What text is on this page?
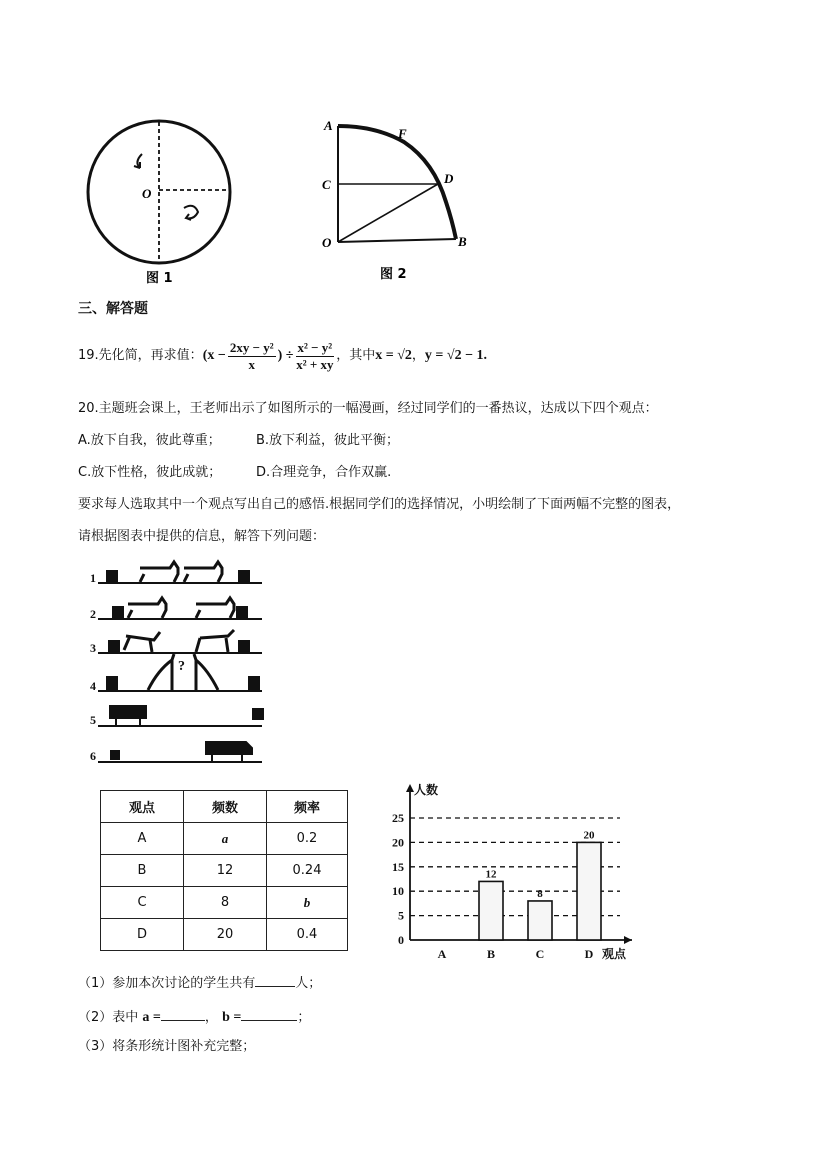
O
图 1
A
F
C	D
O	B
图 2
三、解答题
19.先化简，再求值： ($x - \frac{\text{2xy − y²}}{x}$ ) ÷ $\frac{\text{x² − y²}}{\text{x² + xy}}$ ，其中 x = √2 ， y = √2 − 1.
20.主题班会课上，王老师出示了如图所示的一幅漫画，经过同学们的一番热议，达成以下四个观点：
A.放下自我，彼此尊重；	B.放下利益，彼此平衡；
C.放下性格，彼此成就；	D.合理竞争，合作双赢.
要求每人选取其中一个观点写出自己的感悟.根据同学们的选择情况，小明绘制了下面两幅不完整的图表，
请根据图表中提供的信息，解答下列问题：
1
2
3
4
?
5
6
观点	频数	频率
A	a	0.2
B	12	0.24
C	8	b
D	20	0.4	0
5
10
15
20
25
人数
观点
A	B
12
C
8
D
20
（1）参加本次讨论的学生共有	人；
（2）表中 a =	， b =	；
（3）将条形统计图补充完整；
